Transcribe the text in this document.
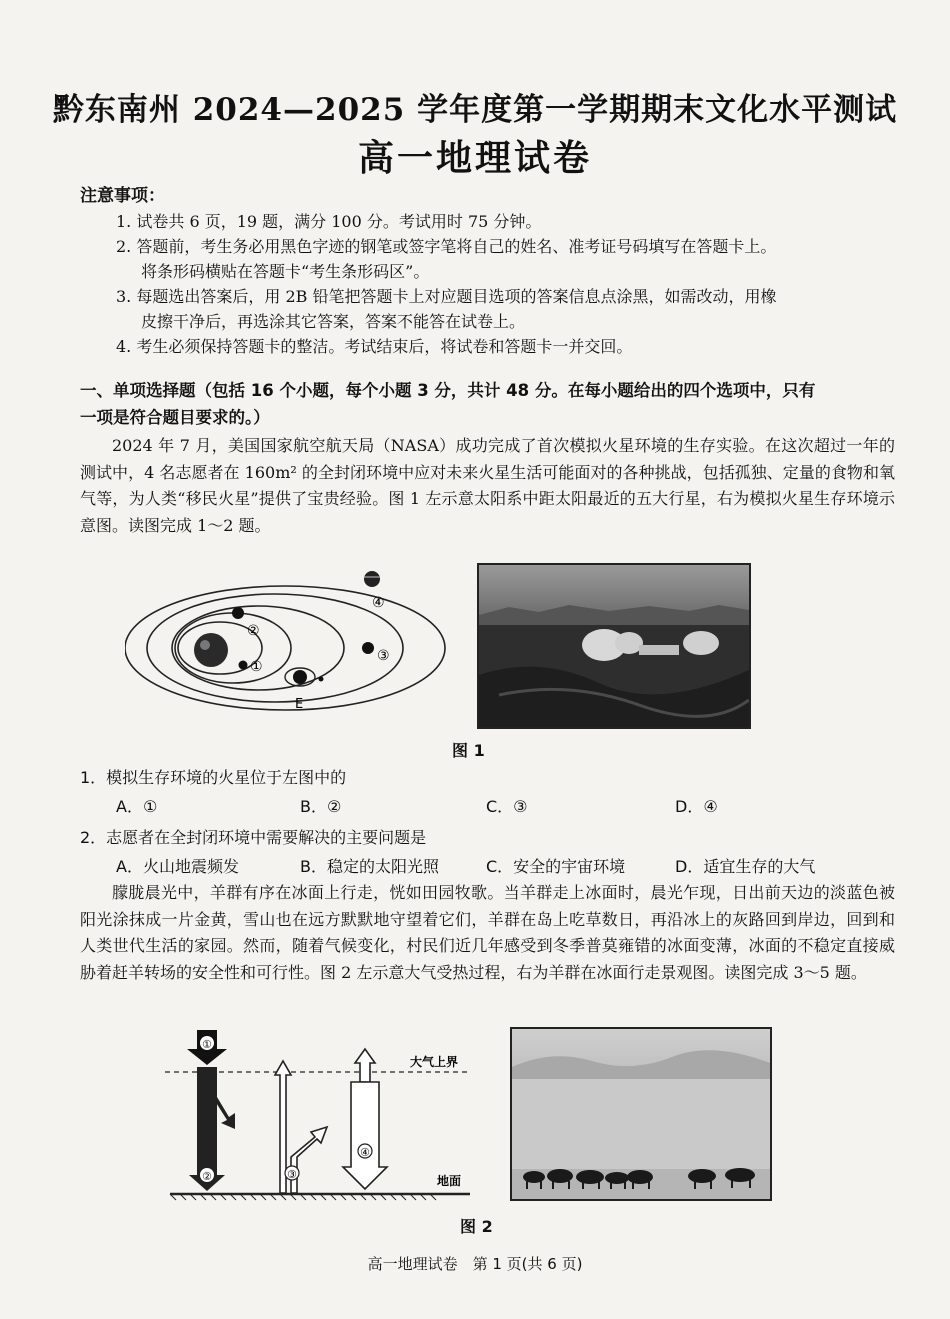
黔东南州 2024—2025 学年度第一学期期末文化水平测试
高一地理试卷
注意事项：
1. 试卷共 6 页，19 题，满分 100 分。考试用时 75 分钟。
2. 答题前，考生务必用黑色字迹的钢笔或签字笔将自己的姓名、准考证号码填写在答题卡上。
将条形码横贴在答题卡“考生条形码区”。
3. 每题选出答案后，用 2B 铅笔把答题卡上对应题目选项的答案信息点涂黑，如需改动，用橡
皮擦干净后，再选涂其它答案，答案不能答在试卷上。
4. 考生必须保持答题卡的整洁。考试结束后，将试卷和答题卡一并交回。
一、单项选择题（包括 16 个小题，每个小题 3 分，共计 48 分。在每小题给出的四个选项中，只有
一项是符合题目要求的。）
2024 年 7 月，美国国家航空航天局（NASA）成功完成了首次模拟火星环境的生存实验。在这次超过一年的测试中，4 名志愿者在 160m² 的全封闭环境中应对未来火星生活可能面对的各种挑战，包括孤独、定量的食物和氧气等，为人类“移民火星”提供了宝贵经验。图 1 左示意太阳系中距太阳最近的五大行星，右为模拟火星生存环境示意图。读图完成 1～2 题。
②
①
③
④
E
图 1
1．模拟生存环境的火星位于左图中的
A．①	B．②	C．③	D．④
2．志愿者在全封闭环境中需要解决的主要问题是
A．火山地震频发	B．稳定的太阳光照	C．安全的宇宙环境	D．适宜生存的大气
朦胧晨光中，羊群有序在冰面上行走，恍如田园牧歌。当羊群走上冰面时，晨光乍现，日出前天边的淡蓝色被阳光涂抹成一片金黄，雪山也在远方默默地守望着它们，羊群在岛上吃草数日，再沿冰上的灰路回到岸边，回到和人类世代生活的家园。然而，随着气候变化，村民们近几年感受到冬季普莫雍错的冰面变薄，冰面的不稳定直接威胁着赶羊转场的安全性和可行性。图 2 左示意大气受热过程，右为羊群在冰面行走景观图。读图完成 3～5 题。
大气上界
地面
①
②	③
④
图 2
高一地理试卷　第 1 页(共 6 页)
